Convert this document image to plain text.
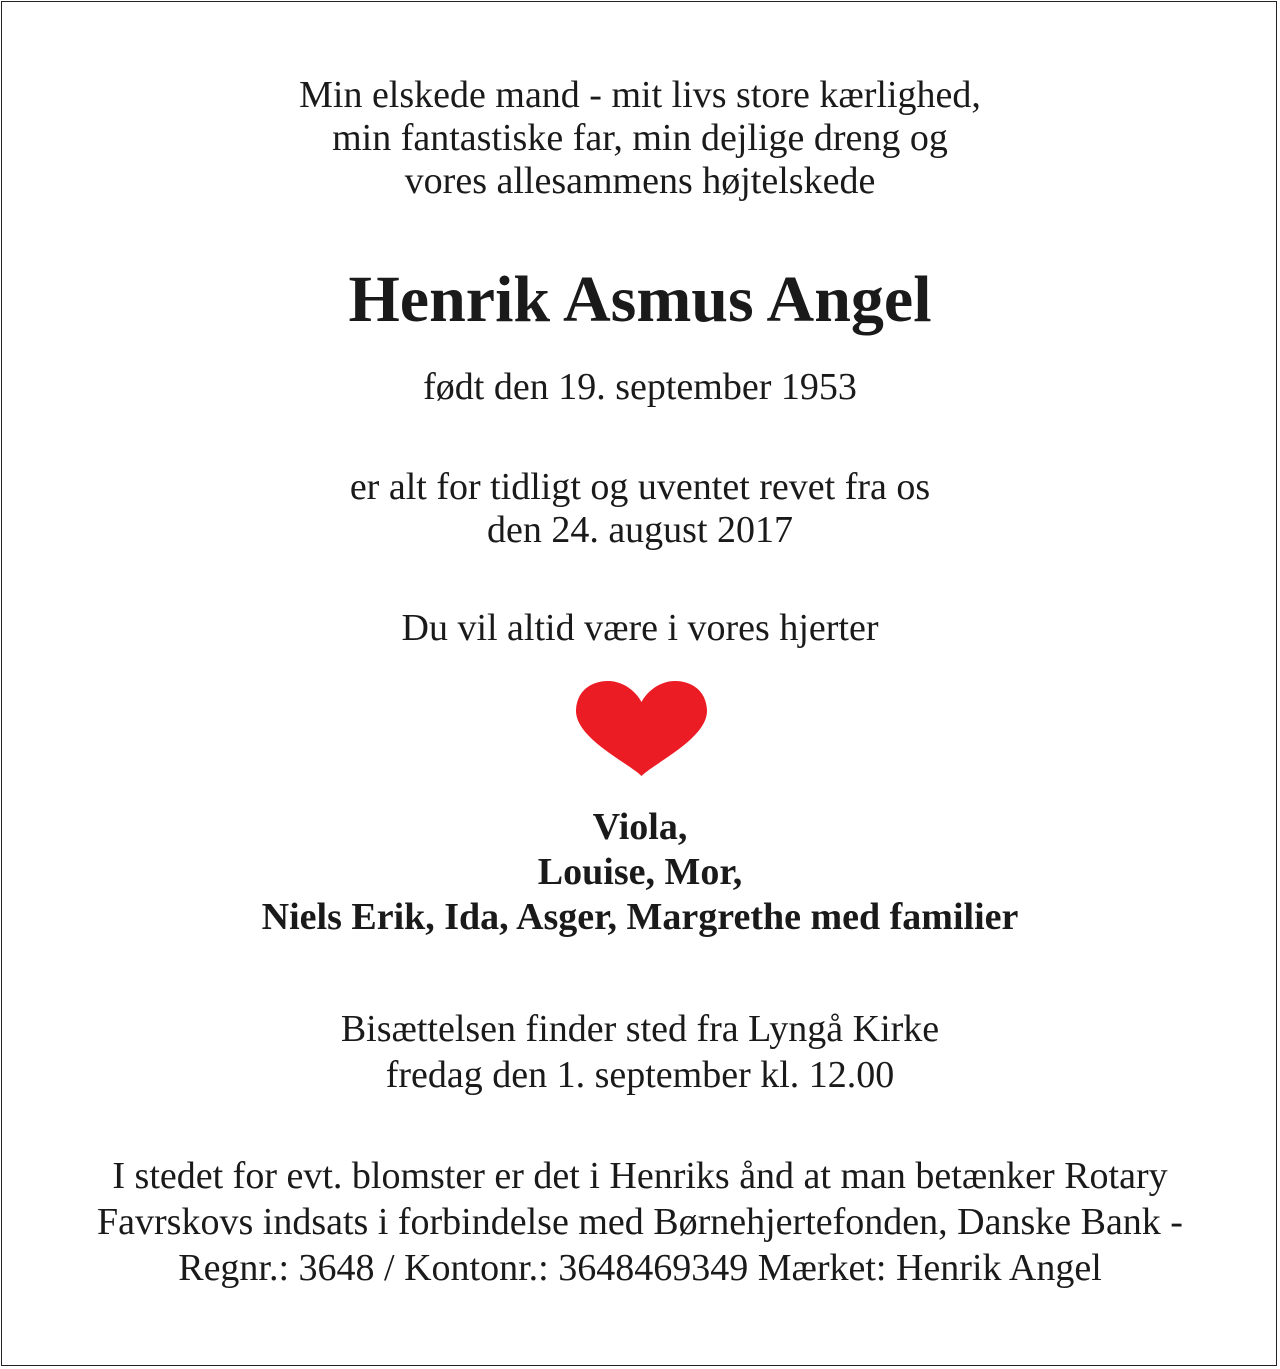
Min elskede mand - mit livs store kærlighed,
min fantastiske far, min dejlige dreng og
vores allesammens højtelskede
Henrik Asmus Angel
født den 19. september 1953
er alt for tidligt og uventet revet fra os
den 24. august 2017
Du vil altid være i vores hjerter
Viola,
Louise, Mor,
Niels Erik, Ida, Asger, Margrethe med familier
Bisættelsen finder sted fra Lyngå Kirke
fredag den 1. september kl. 12.00
I stedet for evt. blomster er det i Henriks ånd at man betænker Rotary
Favrskovs indsats i forbindelse med Børnehjertefonden, Danske Bank -
Regnr.: 3648 / Kontonr.: 3648469349 Mærket: Henrik Angel
